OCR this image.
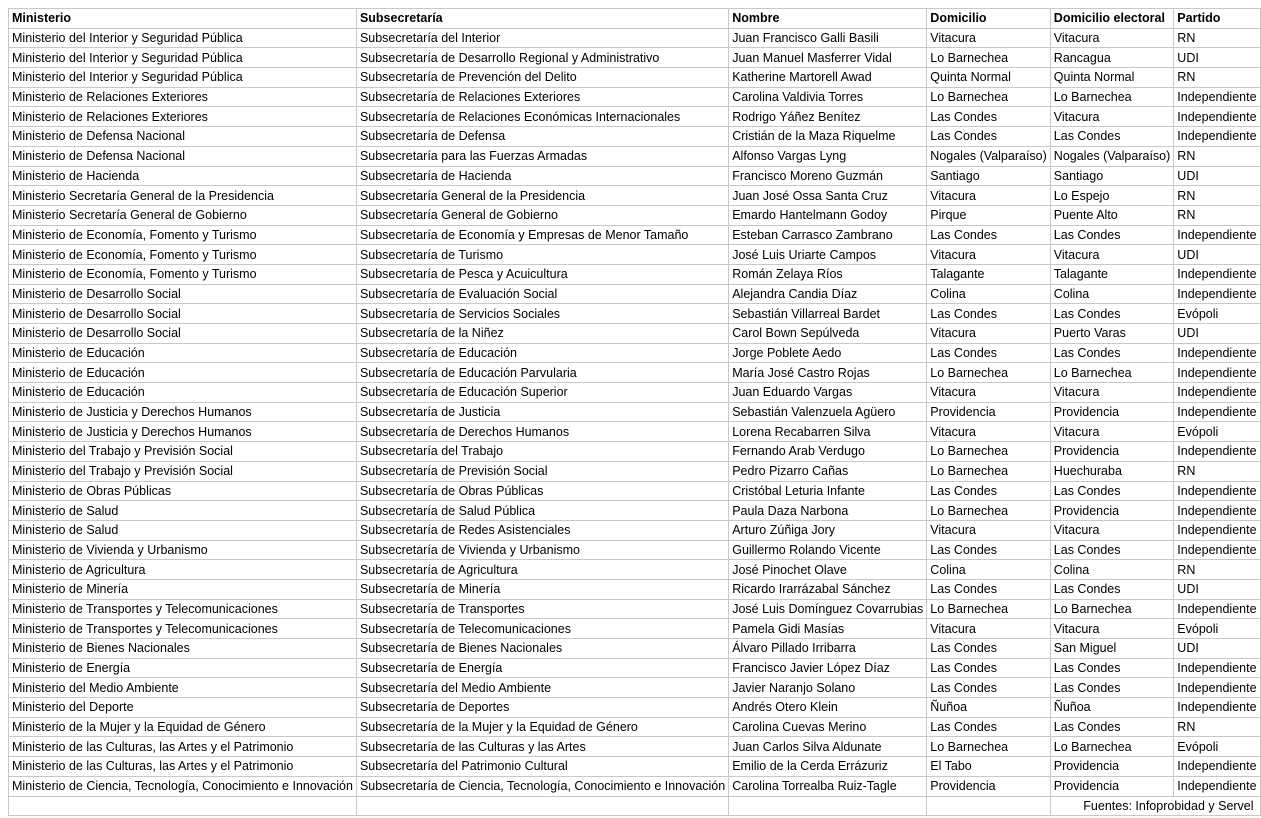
Ministerio	Subsecretaría	Nombre	Domicilio	Domicilio electoral	Partido
Ministerio del Interior y Seguridad Pública	Subsecretaría del Interior	Juan Francisco Galli Basili	Vitacura	Vitacura	RN
Ministerio del Interior y Seguridad Pública	Subsecretaría de Desarrollo Regional y Administrativo	Juan Manuel Masferrer Vidal	Lo Barnechea	Rancagua	UDI
Ministerio del Interior y Seguridad Pública	Subsecretaría de Prevención del Delito	Katherine Martorell Awad	Quinta Normal	Quinta Normal	RN
Ministerio de Relaciones Exteriores	Subsecretaría de Relaciones Exteriores	Carolina Valdivia Torres	Lo Barnechea	Lo Barnechea	Independiente
Ministerio de Relaciones Exteriores	Subsecretaría de Relaciones Económicas Internacionales	Rodrigo Yáñez Benítez	Las Condes	Vitacura	Independiente
Ministerio de Defensa Nacional	Subsecretaría de Defensa	Cristián de la Maza Riquelme	Las Condes	Las Condes	Independiente
Ministerio de Defensa Nacional	Subsecretaría para las Fuerzas Armadas	Alfonso Vargas Lyng	Nogales (Valparaíso)	Nogales (Valparaíso)	RN
Ministerio de Hacienda	Subsecretaría de Hacienda	Francisco Moreno Guzmán	Santiago	Santiago	UDI
Ministerio Secretaría General de la Presidencia	Subsecretaría General de la Presidencia	Juan José Ossa Santa Cruz	Vitacura	Lo Espejo	RN
Ministerio Secretaría General de Gobierno	Subsecretaría General de Gobierno	Emardo Hantelmann Godoy	Pirque	Puente Alto	RN
Ministerio de Economía, Fomento y Turismo	Subsecretaría de Economía y Empresas de Menor Tamaño	Esteban Carrasco Zambrano	Las Condes	Las Condes	Independiente
Ministerio de Economía, Fomento y Turismo	Subsecretaría de Turismo	José Luis Uriarte Campos	Vitacura	Vitacura	UDI
Ministerio de Economía, Fomento y Turismo	Subsecretaría de Pesca y Acuicultura	Román Zelaya Ríos	Talagante	Talagante	Independiente
Ministerio de Desarrollo Social	Subsecretaría de Evaluación Social	Alejandra Candia Díaz	Colina	Colina	Independiente
Ministerio de Desarrollo Social	Subsecretaría de Servicios Sociales	Sebastián Villarreal Bardet	Las Condes	Las Condes	Evópoli
Ministerio de Desarrollo Social	Subsecretaría de la Niñez	Carol Bown Sepúlveda	Vitacura	Puerto Varas	UDI
Ministerio de Educación	Subsecretaría de Educación	Jorge Poblete Aedo	Las Condes	Las Condes	Independiente
Ministerio de Educación	Subsecretaría de Educación Parvularia	María José Castro Rojas	Lo Barnechea	Lo Barnechea	Independiente
Ministerio de Educación	Subsecretaría de Educación Superior	Juan Eduardo Vargas	Vitacura	Vitacura	Independiente
Ministerio de Justicia y Derechos Humanos	Subsecretaría de Justicia	Sebastián Valenzuela Agüero	Providencia	Providencia	Independiente
Ministerio de Justicia y Derechos Humanos	Subsecretaría de Derechos Humanos	Lorena Recabarren Silva	Vitacura	Vitacura	Evópoli
Ministerio del Trabajo y Previsión Social	Subsecretaría del Trabajo	Fernando Arab Verdugo	Lo Barnechea	Providencia	Independiente
Ministerio del Trabajo y Previsión Social	Subsecretaría de Previsión Social	Pedro Pizarro Cañas	Lo Barnechea	Huechuraba	RN
Ministerio de Obras Públicas	Subsecretaría de Obras Públicas	Cristóbal Leturia Infante	Las Condes	Las Condes	Independiente
Ministerio de Salud	Subsecretaría de Salud Pública	Paula Daza Narbona	Lo Barnechea	Providencia	Independiente
Ministerio de Salud	Subsecretaría de Redes Asistenciales	Arturo Zúñiga Jory	Vitacura	Vitacura	Independiente
Ministerio de Vivienda y Urbanismo	Subsecretaría de Vivienda y Urbanismo	Guillermo Rolando Vicente	Las Condes	Las Condes	Independiente
Ministerio de Agricultura	Subsecretaría de Agricultura	José Pinochet Olave	Colina	Colina	RN
Ministerio de Minería	Subsecretaría de Minería	Ricardo Irarrázabal Sánchez	Las Condes	Las Condes	UDI
Ministerio de Transportes y Telecomunicaciones	Subsecretaría de Transportes	José Luis Domínguez Covarrubias	Lo Barnechea	Lo Barnechea	Independiente
Ministerio de Transportes y Telecomunicaciones	Subsecretaría de Telecomunicaciones	Pamela Gidi Masías	Vitacura	Vitacura	Evópoli
Ministerio de Bienes Nacionales	Subsecretaría de Bienes Nacionales	Álvaro Pillado Irribarra	Las Condes	San Miguel	UDI
Ministerio de Energía	Subsecretaría de Energía	Francisco Javier López Díaz	Las Condes	Las Condes	Independiente
Ministerio del Medio Ambiente	Subsecretaría del Medio Ambiente	Javier Naranjo Solano	Las Condes	Las Condes	Independiente
Ministerio del Deporte	Subsecretaría de Deportes	Andrés Otero Klein	Ñuñoa	Ñuñoa	Independiente
Ministerio de la Mujer y la Equidad de Género	Subsecretaría de la Mujer y la Equidad de Género	Carolina Cuevas Merino	Las Condes	Las Condes	RN
Ministerio de las Culturas, las Artes y el Patrimonio	Subsecretaría de las Culturas y las Artes	Juan Carlos Silva Aldunate	Lo Barnechea	Lo Barnechea	Evópoli
Ministerio de las Culturas, las Artes y el Patrimonio	Subsecretaría del Patrimonio Cultural	Emilio de la Cerda Errázuriz	El Tabo	Providencia	Independiente
Ministerio de Ciencia, Tecnología, Conocimiento e Innovación	Subsecretaría de Ciencia, Tecnología, Conocimiento e Innovación	Carolina Torrealba Ruiz-Tagle	Providencia	Providencia	Independiente
				Fuentes: Infoprobidad y Servel	
